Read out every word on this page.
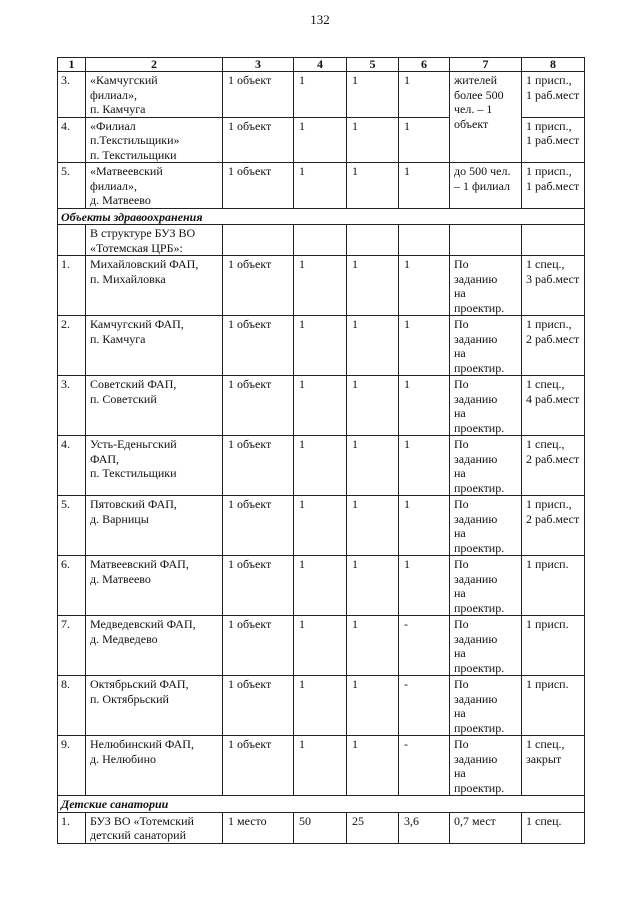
132
1	2	3	4	5	6	7	8

3.	«Камчугский
филиал»,
п. Камчуга	1 объект	1	1	1	жителей
более 500
чел. – 1
объект	1 присп.,
1 раб.мест

4.	«Филиал
п.Текстильщики»
п. Текстильщики	1 объект	1	1	1		1 присп.,
1 раб.мест

5.	«Матвеевский
филиал»,
д. Матвеево	1 объект	1	1	1	до 500 чел.
– 1 филиал	1 присп.,
1 раб.мест

Объекты здравоохранения							

	В структуре БУЗ ВО
«Тотемская ЦРБ»:						

1.	Михайловский ФАП,
п. Михайловка	1 объект	1	1	1	По
заданию
на
проектир.	1 спец.,
3 раб.мест

2.	Камчугский ФАП,
п. Камчуга	1 объект	1	1	1	По
заданию
на
проектир.	1 присп.,
2 раб.мест

3.	Советский ФАП,
п. Советский	1 объект	1	1	1	По
заданию
на
проектир.	1 спец.,
4 раб.мест

4.	Усть-Еденьгский
ФАП,
п. Текстильщики	1 объект	1	1	1	По
заданию
на
проектир.	1 спец.,
2 раб.мест

5.	Пятовский ФАП,
д. Варницы	1 объект	1	1	1	По
заданию
на
проектир.	1 присп.,
2 раб.мест

6.	Матвеевский ФАП,
д. Матвеево	1 объект	1	1	1	По
заданию
на
проектир.	1 присп.

7.	Медведевский ФАП,
д. Медведево	1 объект	1	1	-	По
заданию
на
проектир.	1 присп.

8.	Октябрьский ФАП,
п. Октябрьский	1 объект	1	1	-	По
заданию
на
проектир.	1 присп.

9.	Нелюбинский ФАП,
д. Нелюбино	1 объект	1	1	-	По
заданию
на
проектир.	1 спец.,
закрыт

Детские санатории							

1.	БУЗ ВО «Тотемский
детский санаторий	1 место	50	25	3,6	0,7 мест	1 спец.
